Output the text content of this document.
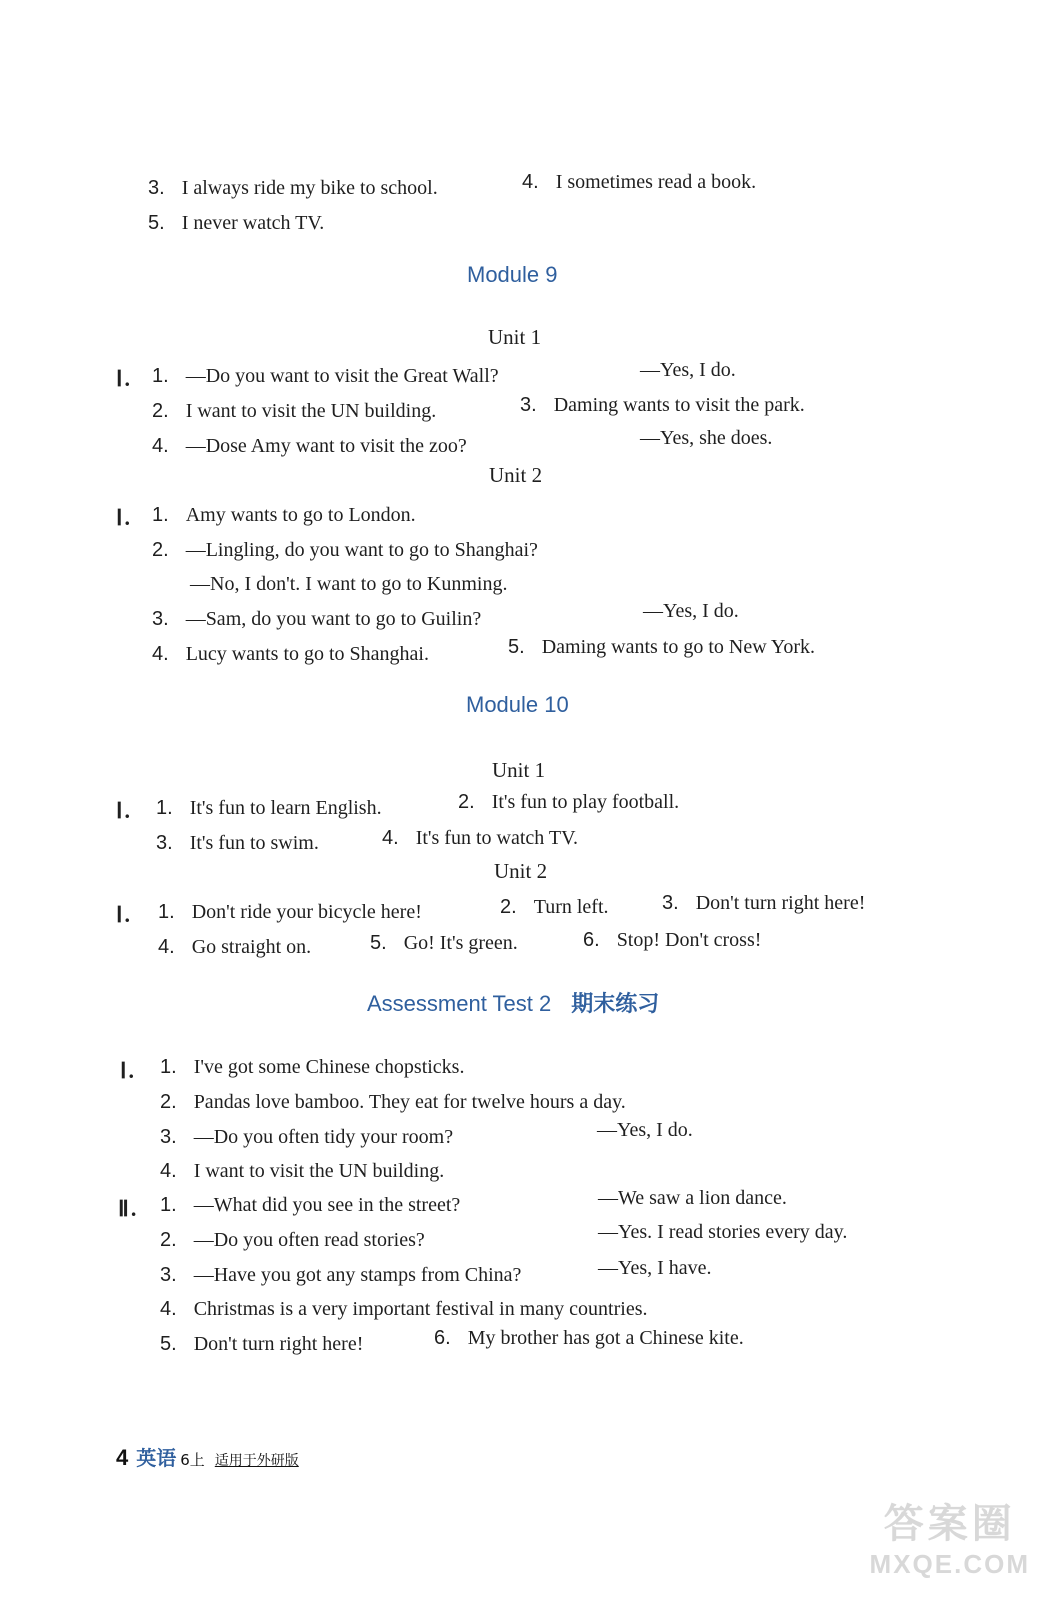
3. I always ride my bike to school.	4. I sometimes read a book.
5. I never watch TV.
Module 9
Unit 1
Ⅰ. 1. —Do you want to visit the Great Wall?	—Yes, I do.
2. I want to visit the UN building.	3. Daming wants to visit the park.
4. —Dose Amy want to visit the zoo?	—Yes, she does.
Unit 2
Ⅰ. 1. Amy wants to go to London.
2. —Lingling, do you want to go to Shanghai?
—No, I don't. I want to go to Kunming.
3. —Sam, do you want to go to Guilin?	—Yes, I do.
4. Lucy wants to go to Shanghai.	5. Daming wants to go to New York.
Module 10
Unit 1
Ⅰ. 1. It's fun to learn English.	2. It's fun to play football.
3. It's fun to swim.	4. It's fun to watch TV.
Unit 2
Ⅰ. 1. Don't ride your bicycle here!	2. Turn left.	3. Don't turn right here!
4. Go straight on.	5. Go! It's green.	6. Stop! Don't cross!
Assessment Test 2 期末练习
Ⅰ. 1. I've got some Chinese chopsticks.
2. Pandas love bamboo. They eat for twelve hours a day.
3. —Do you often tidy your room?	—Yes, I do.
4. I want to visit the UN building.
Ⅱ. 1. —What did you see in the street?	—We saw a lion dance.
2. —Do you often read stories?	—Yes. I read stories every day.
3. —Have you got any stamps from China?	—Yes, I have.
4. Christmas is a very important festival in many countries.
5. Don't turn right here!	6. My brother has got a Chinese kite.
4 英语 6上 适用于外研版
答案圈
MXQE.COM
